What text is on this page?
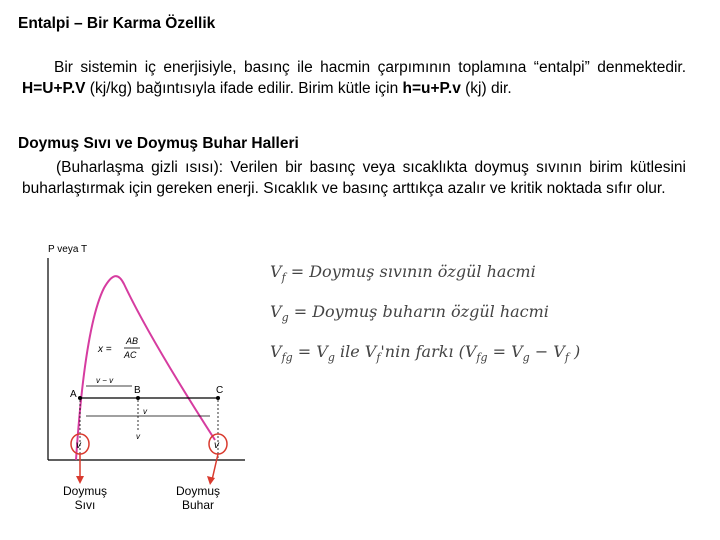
Entalpi – Bir Karma Özellik
Bir sistemin iç enerjisiyle, basınç ile hacmin çarpımının toplamına “entalpi” denmektedir. H=U+P.V (kj/kg) bağıntısıyla ifade edilir. Birim kütle için h=u+P.v (kj) dir.
Doymuş Sıvı ve Doymuş Buhar Halleri
(Buharlaşma gizli ısısı): Verilen bir basınç veya sıcaklıkta doymuş sıvının birim kütlesini buharlaştırmak için gereken enerji. Sıcaklık ve basınç arttıkça azalır ve kritik noktada sıfır olur.
P veya T
A	B	C
x =
AB
AC
v − v
v
v
v	v
Doymuş
Sıvı
Doymuş
Buhar
$V_f$ = Doymuş sıvının özgül hacmi
$V_g$ = Doymuş buharın özgül hacmi
$V_{fg} = V_g$ ile $V_f'nin$ farkı ($V_{fg} = V_g - V_f$ )
